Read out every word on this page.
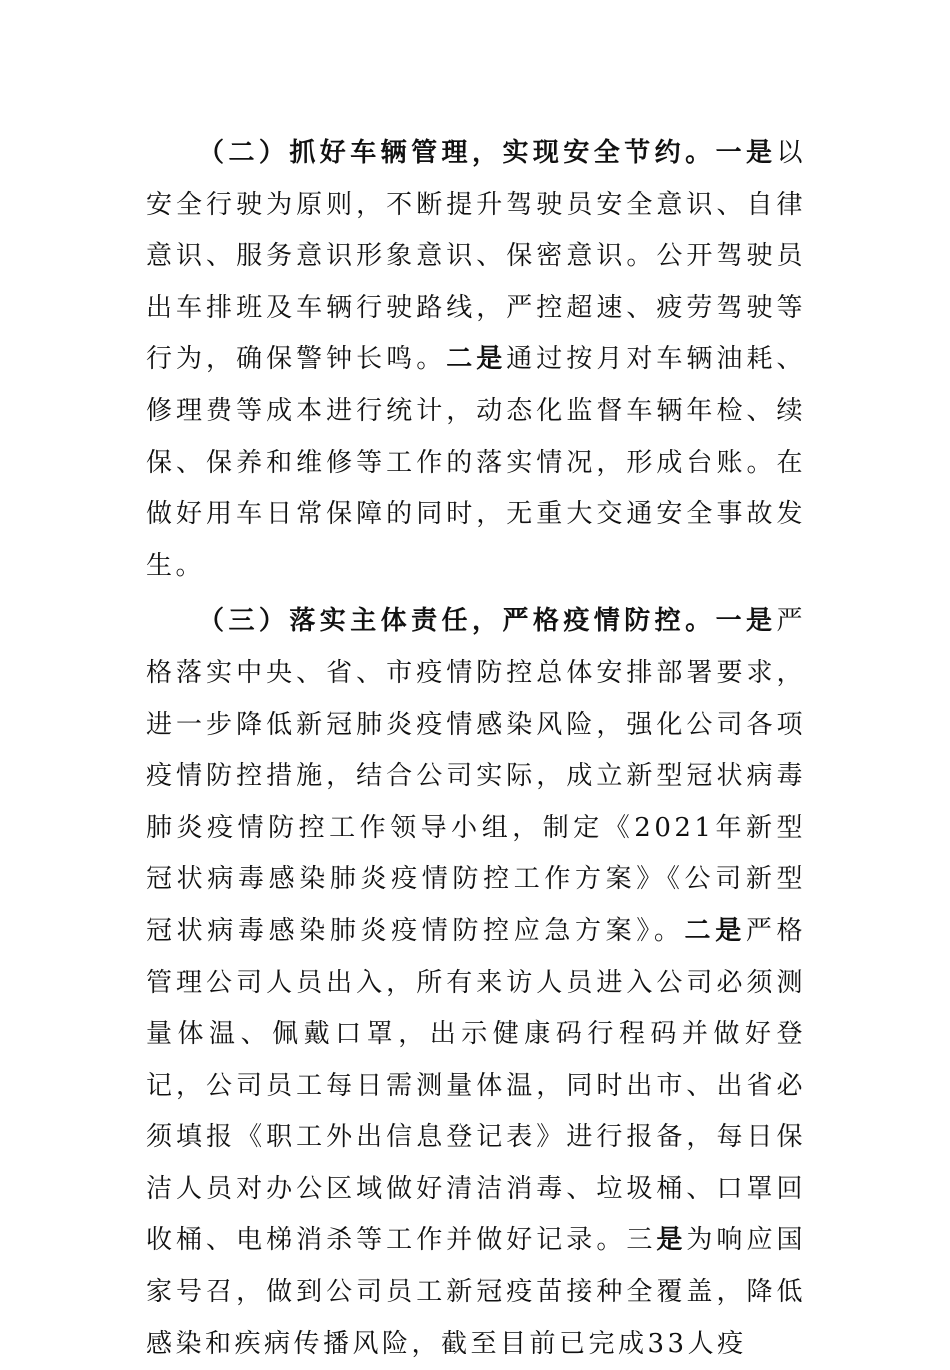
（二）抓好车辆管理，实现安全节约。一是以安全行驶为原则，不断提升驾驶员安全意识、自律意识、服务意识形象意识、保密意识。公开驾驶员出车排班及车辆行驶路线，严控超速、疲劳驾驶等行为，确保警钟长鸣。二是通过按月对车辆油耗、修理费等成本进行统计，动态化监督车辆年检、续保、保养和维修等工作的落实情况，形成台账。在做好用车日常保障的同时，无重大交通安全事故发生。

（三）落实主体责任，严格疫情防控。一是严格落实中央、省、市疫情防控总体安排部署要求，进一步降低新冠肺炎疫情感染风险，强化公司各项疫情防控措施，结合公司实际，成立新型冠状病毒肺炎疫情防控工作领导小组，制定《2021年新型冠状病毒感染肺炎疫情防控工作方案》《公司新型冠状病毒感染肺炎疫情防控应急方案》。二是严格管理公司人员出入，所有来访人员进入公司必须测量体温、佩戴口罩，出示健康码行程码并做好登记，公司员工每日需测量体温，同时出市、出省必须填报《职工外出信息登记表》进行报备，每日保洁人员对办公区域做好清洁消毒、垃圾桶、口罩回收桶、电梯消杀等工作并做好记录。三是为响应国家号召，做到公司员工新冠疫苗接种全覆盖，降低感染和疾病传播风险，截至目前已完成33人疫
